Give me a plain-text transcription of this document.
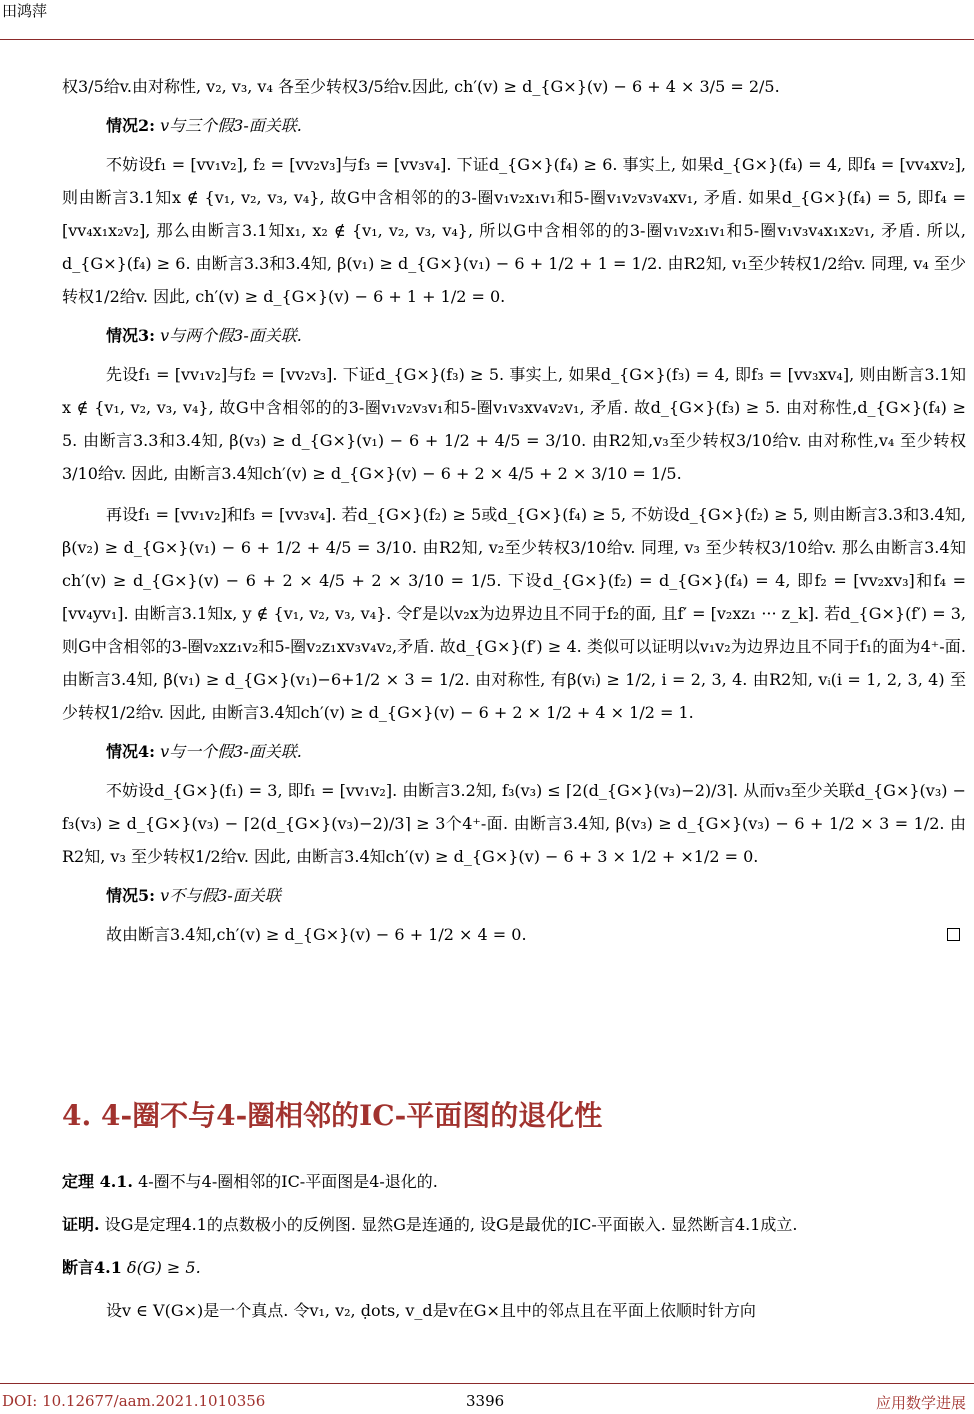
田鸿萍

权3/5给v.由对称性, v₂, v₃, v₄ 各至少转权3/5给v.因此, ch′(v) ≥ d_{G×}(v) − 6 + 4 × 3/5 = 2/5.

情况2: v与三个假3-面关联.

不妨设f₁ = [vv₁v₂], f₂ = [vv₂v₃]与f₃ = [vv₃v₄]. 下证d_{G×}(f₄) ≥ 6. 事实上, 如果d_{G×}(f₄) = 4, 即f₄ = [vv₄xv₂], 则由断言3.1知x ∉ {v₁, v₂, v₃, v₄}, 故G中含相邻的的3-圈v₁v₂x₁v₁和5-圈v₁v₂v₃v₄xv₁, 矛盾. 如果d_{G×}(f₄) = 5, 即f₄ = [vv₄x₁x₂v₂], 那么由断言3.1知x₁, x₂ ∉ {v₁, v₂, v₃, v₄}, 所以G中含相邻的的3-圈v₁v₂x₁v₁和5-圈v₁v₃v₄x₁x₂v₁, 矛盾. 所以, d_{G×}(f₄) ≥ 6. 由断言3.3和3.4知, β(v₁) ≥ d_{G×}(v₁) − 6 + 1/2 + 1 = 1/2. 由R2知, v₁至少转权1/2给v. 同理, v₄ 至少转权1/2给v. 因此, ch′(v) ≥ d_{G×}(v) − 6 + 1 + 1/2 = 0.

情况3: v与两个假3-面关联.

先设f₁ = [vv₁v₂]与f₂ = [vv₂v₃]. 下证d_{G×}(f₃) ≥ 5. 事实上, 如果d_{G×}(f₃) = 4, 即f₃ = [vv₃xv₄], 则由断言3.1知x ∉ {v₁, v₂, v₃, v₄}, 故G中含相邻的的3-圈v₁v₂v₃v₁和5-圈v₁v₃xv₄v₂v₁, 矛盾. 故d_{G×}(f₃) ≥ 5. 由对称性,d_{G×}(f₄) ≥ 5. 由断言3.3和3.4知, β(v₃) ≥ d_{G×}(v₁) − 6 + 1/2 + 4/5 = 3/10. 由R2知,v₃至少转权3/10给v. 由对称性,v₄ 至少转权3/10给v. 因此, 由断言3.4知ch′(v) ≥ d_{G×}(v) − 6 + 2 × 4/5 + 2 × 3/10 = 1/5.

再设f₁ = [vv₁v₂]和f₃ = [vv₃v₄]. 若d_{G×}(f₂) ≥ 5或d_{G×}(f₄) ≥ 5, 不妨设d_{G×}(f₂) ≥ 5, 则由断言3.3和3.4知, β(v₂) ≥ d_{G×}(v₁) − 6 + 1/2 + 4/5 = 3/10. 由R2知, v₂至少转权3/10给v. 同理, v₃ 至少转权3/10给v. 那么由断言3.4知ch′(v) ≥ d_{G×}(v) − 6 + 2 × 4/5 + 2 × 3/10 = 1/5. 下设d_{G×}(f₂) = d_{G×}(f₄) = 4, 即f₂ = [vv₂xv₃]和f₄ = [vv₄yv₁]. 由断言3.1知x, y ∉ {v₁, v₂, v₃, v₄}. 令f′是以v₂x为边界边且不同于f₂的面, 且f′ = [v₂xz₁ ··· z_k]. 若d_{G×}(f′) = 3, 则G中含相邻的3-圈v₂xz₁v₂和5-圈v₂z₁xv₃v₄v₂,矛盾. 故d_{G×}(f′) ≥ 4. 类似可以证明以v₁v₂为边界边且不同于f₁的面为4⁺-面. 由断言3.4知, β(v₁) ≥ d_{G×}(v₁)−6+1/2 × 3 = 1/2. 由对称性, 有β(vᵢ) ≥ 1/2, i = 2, 3, 4. 由R2知, vᵢ(i = 1, 2, 3, 4) 至少转权1/2给v. 因此, 由断言3.4知ch′(v) ≥ d_{G×}(v) − 6 + 2 × 1/2 + 4 × 1/2 = 1.

情况4: v与一个假3-面关联.

不妨设d_{G×}(f₁) = 3, 即f₁ = [vv₁v₂]. 由断言3.2知, f₃(v₃) ≤ ⌈2(d_{G×}(v₃)−2)/3⌉. 从而v₃至少关联d_{G×}(v₃) − f₃(v₃) ≥ d_{G×}(v₃) − ⌈2(d_{G×}(v₃)−2)/3⌉ ≥ 3个4⁺-面. 由断言3.4知, β(v₃) ≥ d_{G×}(v₃) − 6 + 1/2 × 3 = 1/2. 由R2知, v₃ 至少转权1/2给v. 因此, 由断言3.4知ch′(v) ≥ d_{G×}(v) − 6 + 3 × 1/2 + ×1/2 = 0.

情况5: v不与假3-面关联

故由断言3.4知,ch′(v) ≥ d_{G×}(v) − 6 + 1/2 × 4 = 0.

4. 4-圈不与4-圈相邻的IC-平面图的退化性

定理 4.1. 4-圈不与4-圈相邻的IC-平面图是4-退化的.

证明. 设G是定理4.1的点数极小的反例图. 显然G是连通的, 设G是最优的IC-平面嵌入. 显然断言4.1成立.

断言4.1 δ(G) ≥ 5.

设v ∈ V(G×)是一个真点. 令v₁, v₂, ḍots, v_d是v在G×且中的邻点且在平面上依顺时针方向

DOI: 10.12677/aam.2021.1010356	3396	应用数学进展
